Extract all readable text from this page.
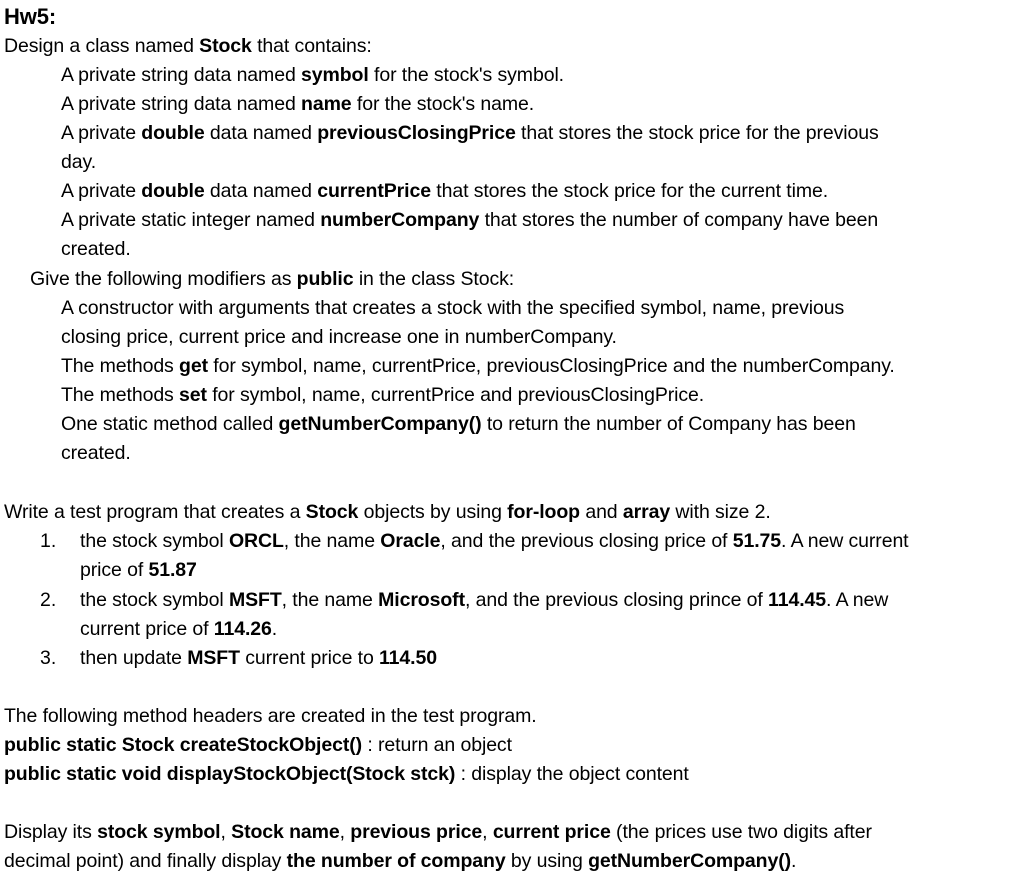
Hw5:
Design a class named Stock that contains:
A private string data named symbol for the stock's symbol.
A private string data named name for the stock's name.
A private double data named previousClosingPrice that stores the stock price for the previous
day.
A private double data named currentPrice that stores the stock price for the current time.
A private static integer named numberCompany that stores the number of company have been
created.
Give the following modifiers as public in the class Stock:
A constructor with arguments that creates a stock with the specified symbol, name, previous
closing price, current price and increase one in numberCompany.
The methods get for symbol, name, currentPrice, previousClosingPrice and the numberCompany.
The methods set for symbol, name, currentPrice and previousClosingPrice.
One static method called getNumberCompany() to return the number of Company has been
created.
Write a test program that creates a Stock objects by using for-loop and array with size 2.
1. the stock symbol ORCL, the name Oracle, and the previous closing price of 51.75. A new current
price of 51.87
2. the stock symbol MSFT, the name Microsoft, and the previous closing prince of 114.45. A new
current price of 114.26.
3. then update MSFT current price to 114.50
The following method headers are created in the test program.
public static Stock createStockObject() : return an object
public static void displayStockObject(Stock stck) : display the object content
Display its stock symbol, Stock name, previous price, current price (the prices use two digits after
decimal point) and finally display the number of company by using getNumberCompany().
